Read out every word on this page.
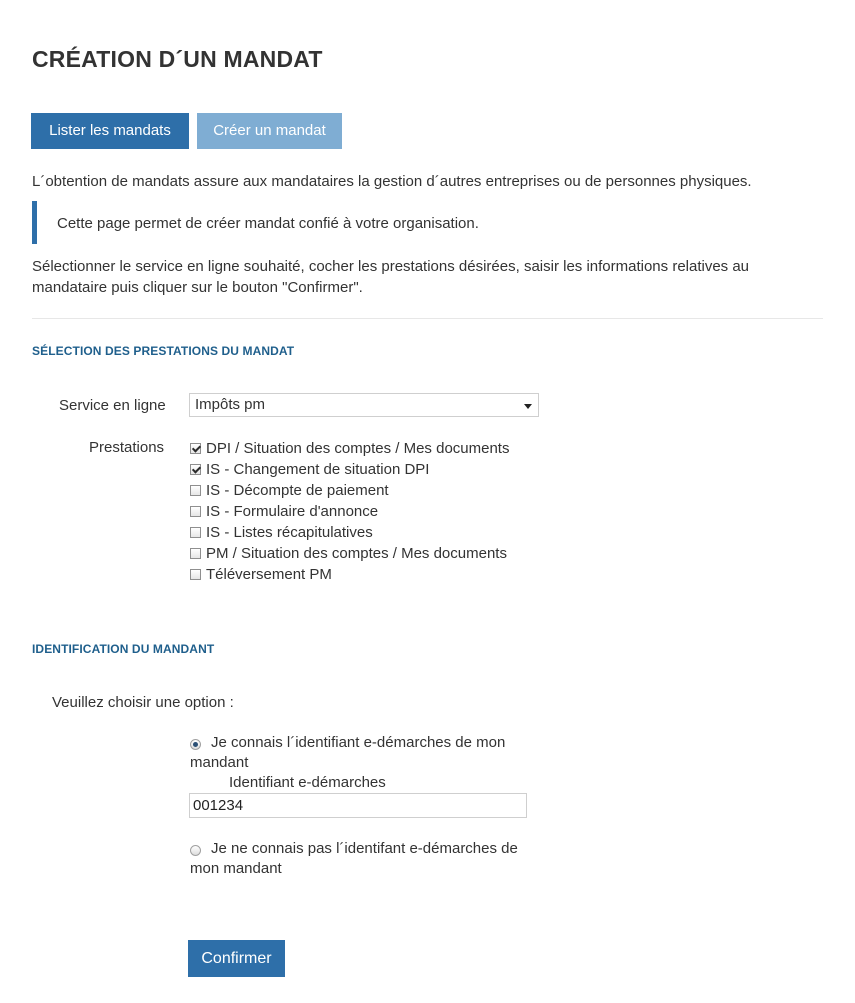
CRÉATION D´UN MANDAT
Lister les mandats	Créer un mandat

L´obtention de mandats assure aux mandataires la gestion d´autres entreprises ou de personnes physiques.

Cette page permet de créer mandat confié à votre organisation.

Sélectionner le service en ligne souhaité, cocher les prestations désirées, saisir les informations relatives au mandataire puis cliquer sur le bouton "Confirmer".

SÉLECTION DES PRESTATIONS DU MANDAT
Service en ligne Impôts pm
Prestations	DPI / Situation des comptes / Mes documents
IS - Changement de situation DPI
IS - Décompte de paiement
IS - Formulaire d'annonce
IS - Listes récapitulatives
PM / Situation des comptes / Mes documents
Téléversement PM
IDENTIFICATION DU MANDANT
Veuillez choisir une option :
Je connais l´identifiant e-démarches de mon mandant
Identifiant e-démarches
001234
Je ne connais pas l´identifant e-démarches de mon mandant
Confirmer
